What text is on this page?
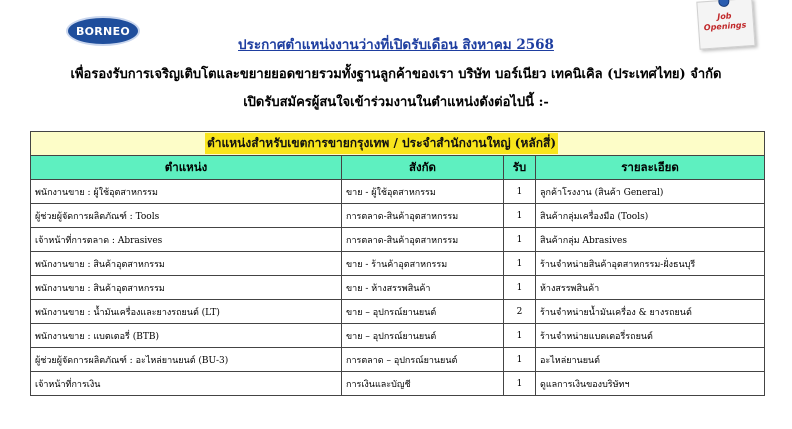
BORNEO
ประกาศตำแหน่งงานว่างที่เปิดรับเดือน สิงหาคม 2568
เพื่อรองรับการเจริญเติบโตและขยายยอดขายรวมทั้งฐานลูกค้าของเรา บริษัท บอร์เนียว เทคนิเคิล (ประเทศไทย) จำกัด
เปิดรับสมัครผู้สนใจเข้าร่วมงานในตำแหน่งดังต่อไปนี้ :-
Job
Openings
ตำแหน่งสำหรับเขตการขายกรุงเทพ / ประจำสำนักงานใหญ่ (หลักสี่)			
ตำแหน่ง	สังกัด	รับ	รายละเอียด
พนักงานขาย : ผู้ใช้อุตสาหกรรม	ขาย - ผู้ใช้อุตสาหกรรม	1	ลูกค้าโรงงาน (สินค้า General)
ผู้ช่วยผู้จัดการผลิตภัณฑ์ : Tools	การตลาด-สินค้าอุตสาหกรรม	1	สินค้ากลุ่มเครื่องมือ (Tools)
เจ้าหน้าที่การตลาด : Abrasives	การตลาด-สินค้าอุตสาหกรรม	1	สินค้ากลุ่ม Abrasives
พนักงานขาย : สินค้าอุตสาหกรรม	ขาย - ร้านค้าอุตสาหกรรม	1	ร้านจำหน่ายสินค้าอุตสาหกรรม-ฝั่งธนบุรี
พนักงานขาย : สินค้าอุตสาหกรรม	ขาย - ห้างสรรพสินค้า	1	ห้างสรรพสินค้า
พนักงานขาย : น้ำมันเครื่องและยางรถยนต์ (LT)	ขาย – อุปกรณ์ยานยนต์	2	ร้านจำหน่ายน้ำมันเครื่อง & ยางรถยนต์
พนักงานขาย : แบตเตอรี่ (BTB)	ขาย – อุปกรณ์ยานยนต์	1	ร้านจำหน่ายแบตเตอรี่รถยนต์
ผู้ช่วยผู้จัดการผลิตภัณฑ์ : อะไหล่ยานยนต์ (BU-3)	การตลาด – อุปกรณ์ยานยนต์	1	อะไหล่ยานยนต์
เจ้าหน้าที่การเงิน	การเงินและบัญชี	1	ดูแลการเงินของบริษัทฯ
